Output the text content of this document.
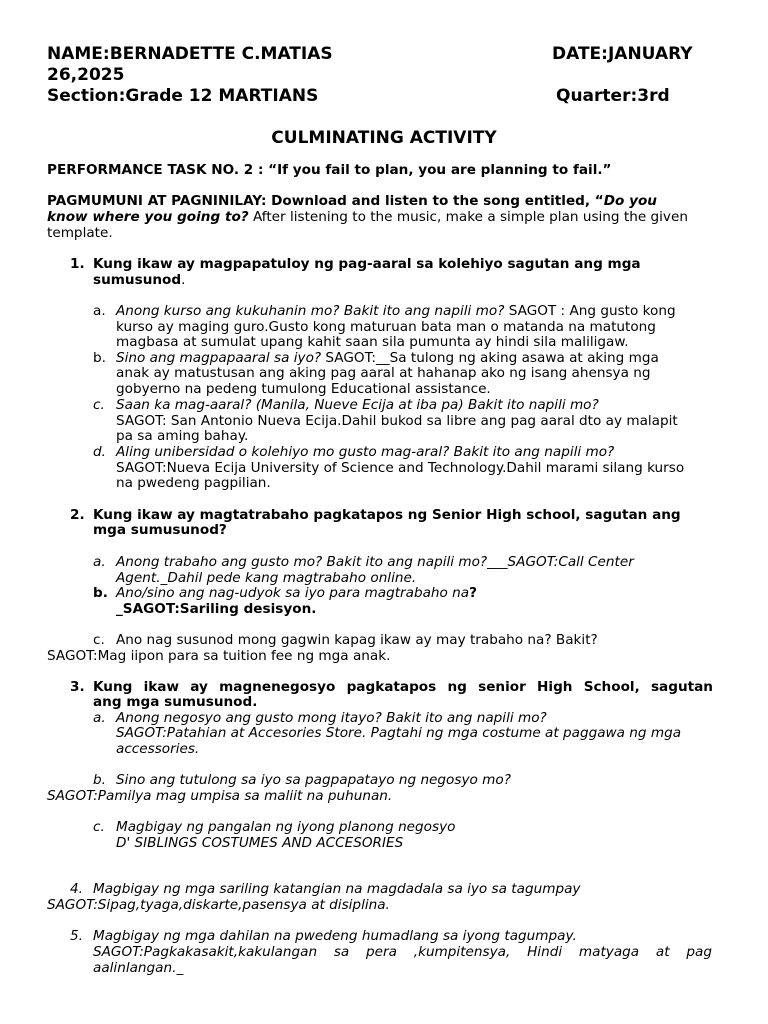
NAME:BERNADETTE C.MATIAS	DATE:JANUARY
26,2025
Section:Grade 12 MARTIANS	Quarter:3rd
CULMINATING ACTIVITY
PERFORMANCE TASK NO. 2 : “If you fail to plan, you are planning to fail.”
PAGMUMUNI AT PAGNINILAY: Download and listen to the song entitled, “Do you
know where you going to? After listening to the music, make a simple plan using the given
template.
1. Kung ikaw ay magpapatuloy ng pag-aaral sa kolehiyo sagutan ang mga
sumusunod.
a. Anong kurso ang kukuhanin mo? Bakit ito ang napili mo? SAGOT : Ang gusto kong
kurso ay maging guro.Gusto kong maturuan bata man o matanda na matutong
magbasa at sumulat upang kahit saan sila pumunta ay hindi sila maliligaw.
b. Sino ang magpapaaral sa iyo? SAGOT:__Sa tulong ng aking asawa at aking mga
anak ay matustusan ang aking pag aaral at hahanap ako ng isang ahensya ng
gobyerno na pedeng tumulong Educational assistance.
c. Saan ka mag-aaral? (Manila, Nueve Ecija at iba pa) Bakit ito napili mo?
SAGOT: San Antonio Nueva Ecija.Dahil bukod sa libre ang pag aaral dto ay malapit
pa sa aming bahay.
d. Aling unibersidad o kolehiyo mo gusto mag-aral? Bakit ito ang napili mo?
SAGOT:Nueva Ecija University of Science and Technology.Dahil marami silang kurso
na pwedeng pagpilian.
2. Kung ikaw ay magtatrabaho pagkatapos ng Senior High school, sagutan ang
mga sumusunod?
a. Anong trabaho ang gusto mo? Bakit ito ang napili mo?___SAGOT:Call Center
Agent._Dahil pede kang magtrabaho online.
b. Ano/sino ang nag-udyok sa iyo para magtrabaho na?
_SAGOT:Sariling desisyon.
c. Ano nag susunod mong gagwin kapag ikaw ay may trabaho na? Bakit?
SAGOT:Mag iipon para sa tuition fee ng mga anak.
3. Kung ikaw ay magnenegosyo pagkatapos ng senior High School, sagutan
ang mga sumusunod.
a. Anong negosyo ang gusto mong itayo? Bakit ito ang napili mo?
SAGOT:Patahian at Accesories Store. Pagtahi ng mga costume at paggawa ng mga
accessories.
b. Sino ang tutulong sa iyo sa pagpapatayo ng negosyo mo?
SAGOT:Pamilya mag umpisa sa maliit na puhunan.
c. Magbigay ng pangalan ng iyong planong negosyo
D' SIBLINGS COSTUMES AND ACCESORIES
4. Magbigay ng mga sariling katangian na magdadala sa iyo sa tagumpay
SAGOT:Sipag,tyaga,diskarte,pasensya at disiplina.
5. Magbigay ng mga dahilan na pwedeng humadlang sa iyong tagumpay.
SAGOT:Pagkakasakit,kakulangan sa pera ,kumpitensya, Hindi matyaga at pag
aalinlangan._
